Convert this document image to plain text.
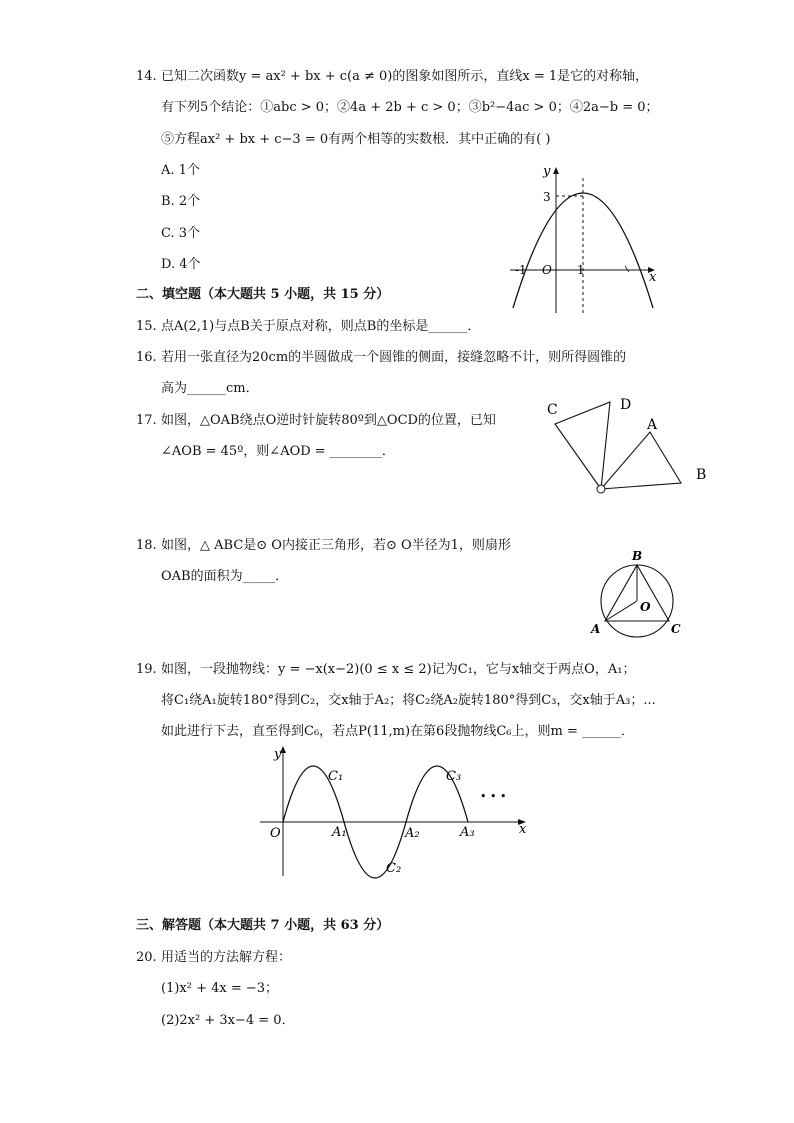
14. 已知二次函数y = ax² + bx + c(a ≠ 0)的图象如图所示，直线x = 1是它的对称轴，
有下列5个结论：①abc > 0；②4a + 2b + c > 0；③b²−4ac > 0；④2a−b = 0；
⑤方程ax² + bx + c−3 = 0有两个相等的实数根．其中正确的有( )
A. 1个
B. 2个
C. 3个
D. 4个
y
x
3
O
-1	1
二、填空题（本大题共 5 小题，共 15 分）
15. 点A(2,1)与点B关于原点对称，则点B的坐标是______．
16. 若用一张直径为20cm的半圆做成一个圆锥的侧面，接缝忽略不计，则所得圆锥的
高为______cm．
17. 如图，△OAB绕点O逆时针旋转80º到△OCD的位置，已知
∠AOB = 45º，则∠AOD = ________．
C	D
A
B
18. 如图，△ ABC是⊙ O内接正三角形，若⊙ O半径为1，则扇形
OAB的面积为_____．
B
A	C
O
19. 如图，一段抛物线：y = −x(x−2)(0 ≤ x ≤ 2)记为C₁，它与x轴交于两点O，A₁；
将C₁绕A₁旋转180°得到C₂，交x轴于A₂；将C₂绕A₂旋转180°得到C₃，交x轴于A₃；...
如此进行下去，直至得到C₆，若点P(11,m)在第6段抛物线C₆上，则m = ______．
y
x
O	A₁	A₂	A₃
C₁
C₂
C₃
• • •
三、解答题（本大题共 7 小题，共 63 分）
20. 用适当的方法解方程：
(1)x² + 4x = −3；
(2)2x² + 3x−4 = 0．
